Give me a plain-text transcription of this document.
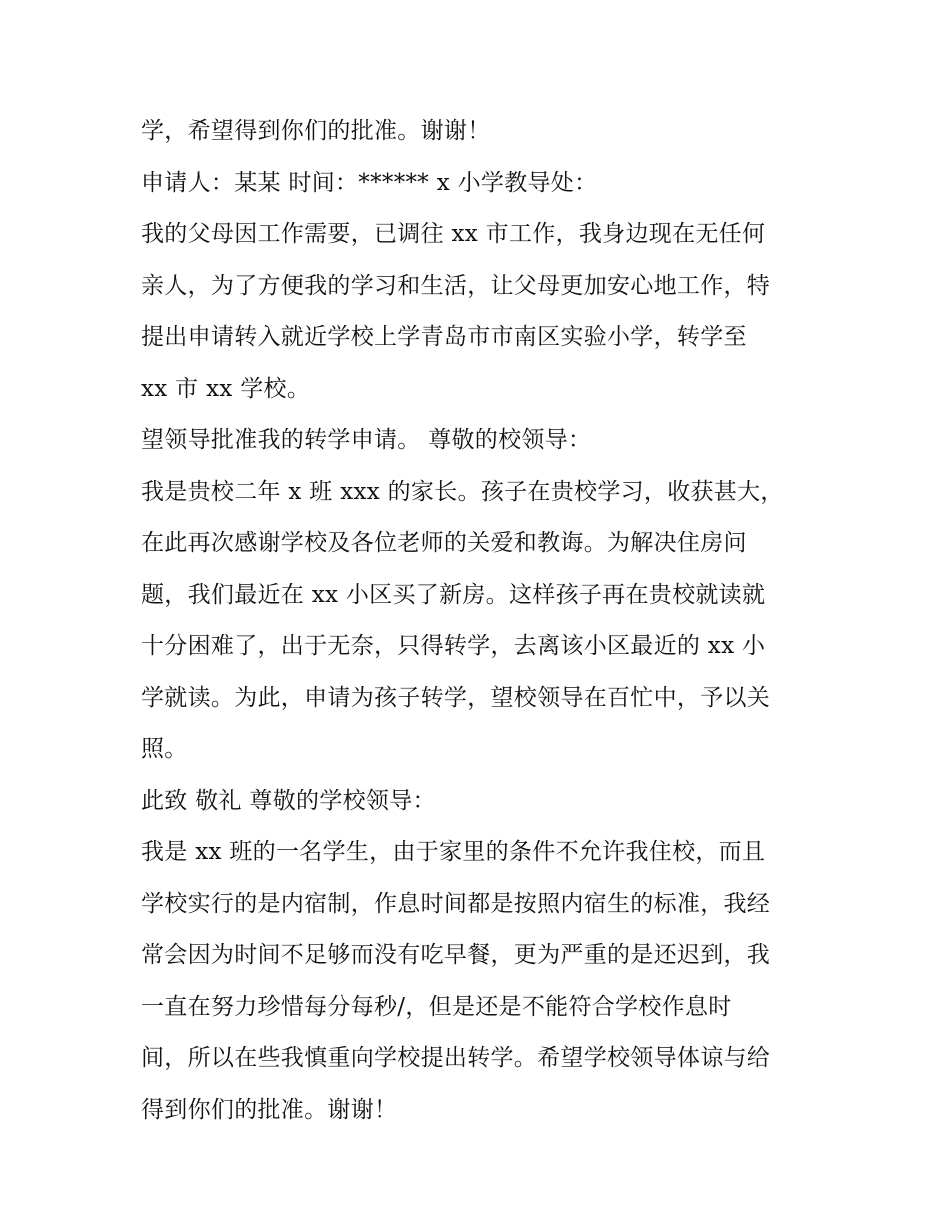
学，希望得到你们的批准。谢谢！
申请人：某某 时间：****** x 小学教导处：
我的父母因工作需要，已调往 xx 市工作，我身边现在无任何
亲人，为了方便我的学习和生活，让父母更加安心地工作，特
提出申请转入就近学校上学青岛市市南区实验小学，转学至
xx 市 xx 学校。
望领导批准我的转学申请。 尊敬的校领导：
我是贵校二年 x 班 xxx 的家长。孩子在贵校学习，收获甚大，
在此再次感谢学校及各位老师的关爱和教诲。为解决住房问
题，我们最近在 xx 小区买了新房。这样孩子再在贵校就读就
十分困难了，出于无奈，只得转学，去离该小区最近的 xx 小
学就读。为此，申请为孩子转学，望校领导在百忙中，予以关
照。
此致 敬礼 尊敬的学校领导：
我是 xx 班的一名学生，由于家里的条件不允许我住校，而且
学校实行的是内宿制，作息时间都是按照内宿生的标准，我经
常会因为时间不足够而没有吃早餐，更为严重的是还迟到，我
一直在努力珍惜每分每秒/，但是还是不能符合学校作息时
间，所以在些我慎重向学校提出转学。希望学校领导体谅与给
得到你们的批准。谢谢！
